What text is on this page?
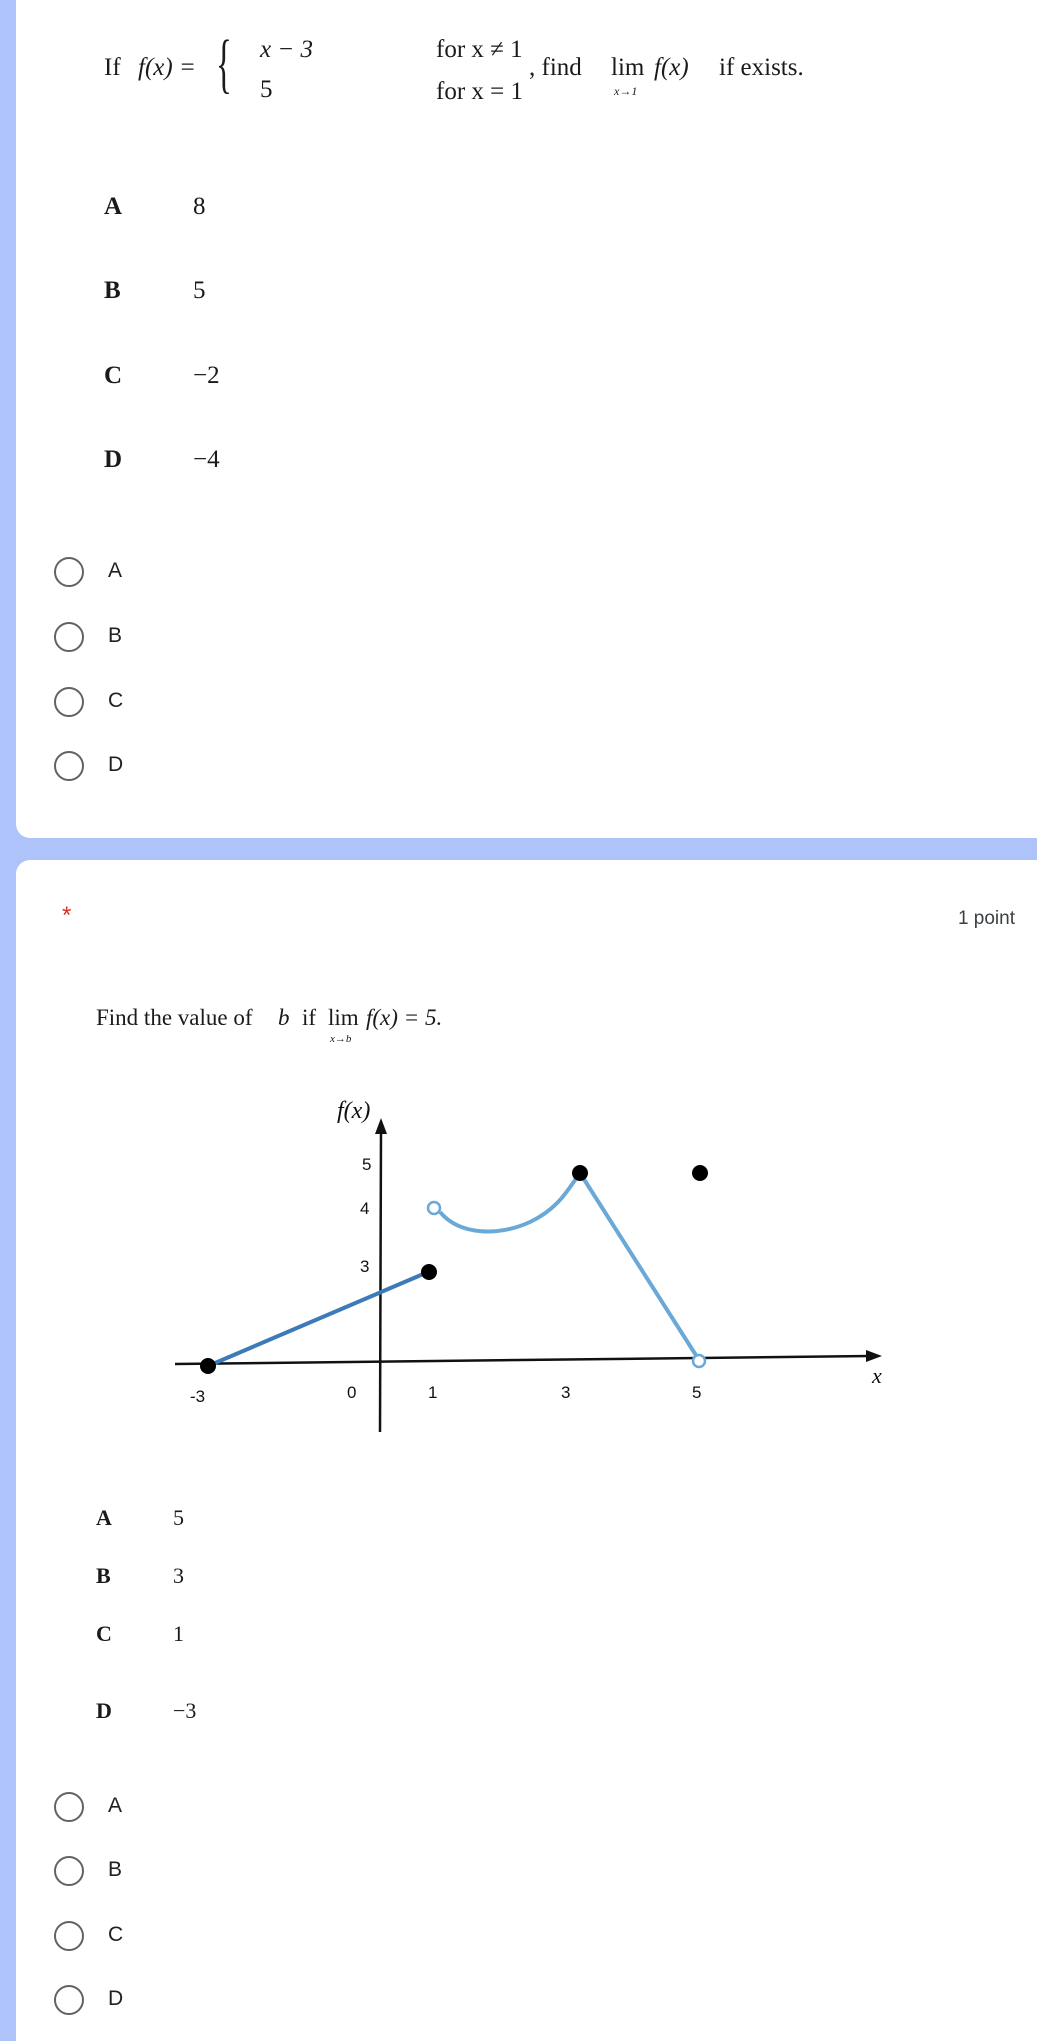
If f(x) = { x − 3	for x ≠ 1
5	for x = 1
, find lim
x→1
f(x) if exists.
A	8
B	5
C	−2
D	−4
A
B
C
D
*	1 point
Find the value of b if lim
x→b
f(x) = 5.
A	5
B	3
C	1
D	−3
A
B
C
D
f(x)
x
-3	0	1	3	5
5
4
3
